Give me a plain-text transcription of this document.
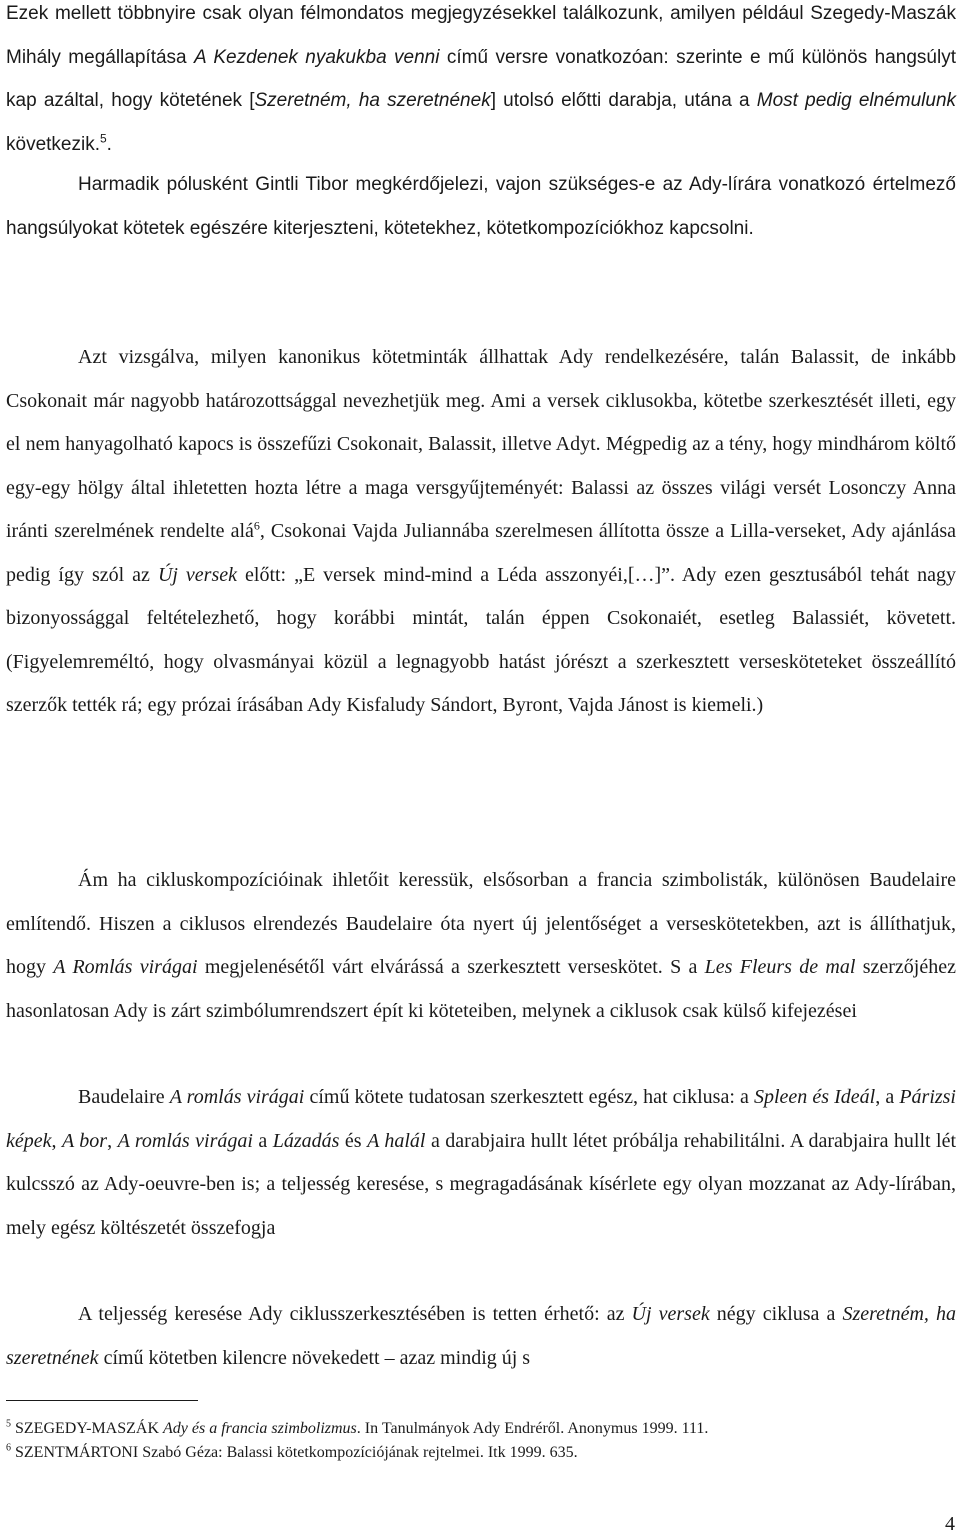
Ezek mellett többnyire csak olyan félmondatos megjegyzésekkel találkozunk, amilyen például Szegedy-Maszák Mihály megállapítása A Kezdenek nyakukba venni című versre vonatkozóan: szerinte e mű különös hangsúlyt kap azáltal, hogy kötetének [Szeretném, ha szeretnének] utolsó előtti darabja, utána a Most pedig elnémulunk következik.$^5$.

Harmadik pólusként Gintli Tibor megkérdőjelezi, vajon szükséges-e az Ady-lírára vonatkozó értelmező hangsúlyokat kötetek egészére kiterjeszteni, kötetekhez, kötetkompozíciókhoz kapcsolni.

Azt vizsgálva, milyen kanonikus kötetminták állhattak Ady rendelkezésére, talán Balassit, de inkább Csokonait már nagyobb határozottsággal nevezhetjük meg. Ami a versek ciklusokba, kötetbe szerkesztését illeti, egy el nem hanyagolható kapocs is összefűzi Csokonait, Balassit, illetve Adyt. Mégpedig az a tény, hogy mindhárom költő egy-egy hölgy által ihletetten hozta létre a maga versgyűjteményét: Balassi az összes világi versét Losonczy Anna iránti szerelmének rendelte alá$^6$, Csokonai Vajda Juliannába szerelmesen állította össze a Lilla-verseket, Ady ajánlása pedig így szól az Új versek előtt: „E versek mind-mind a Léda asszonyéi,[…]”. Ady ezen gesztusából tehát nagy bizonyossággal feltételezhető, hogy korábbi mintát, talán éppen Csokonaiét, esetleg Balassiét, követett. (Figyelemreméltó, hogy olvasmányai közül a legnagyobb hatást jórészt a szerkesztett versesköteteket összeállító szerzők tették rá; egy prózai írásában Ady Kisfaludy Sándort, Byront, Vajda Jánost is kiemeli.)

Ám ha cikluskompozícióinak ihletőit keressük, elsősorban a francia szimbolisták, különösen Baudelaire említendő. Hiszen a ciklusos elrendezés Baudelaire óta nyert új jelentőséget a verseskötetekben, azt is állíthatjuk, hogy A Romlás virágai megjelenésétől várt elvárássá a szerkesztett verseskötet. S a Les Fleurs de mal szerzőjéhez hasonlatosan Ady is zárt szimbólumrendszert épít ki köteteiben, melynek a ciklusok csak külső kifejezései

Baudelaire A romlás virágai című kötete tudatosan szerkesztett egész, hat ciklusa: a Spleen és Ideál, a Párizsi képek, A bor, A romlás virágai a Lázadás és A halál a darabjaira hullt létet próbálja rehabilitálni. A darabjaira hullt lét kulcsszó az Ady-oeuvre-ben is; a teljesség keresése, s megragadásának kísérlete egy olyan mozzanat az Ady-lírában, mely egész költészetét összefogja

A teljesség keresése Ady ciklusszerkesztésében is tetten érhető: az Új versek négy ciklusa a Szeretném, ha szeretnének című kötetben kilencre növekedett – azaz mindig új s

$^5$ SZEGEDY-MASZÁK Ady és a francia szimbolizmus. In Tanulmányok Ady Endréről. Anonymus 1999. 111.

$^6$ SZENTMÁRTONI Szabó Géza: Balassi kötetkompozíciójának rejtelmei. Itk 1999. 635.

4
